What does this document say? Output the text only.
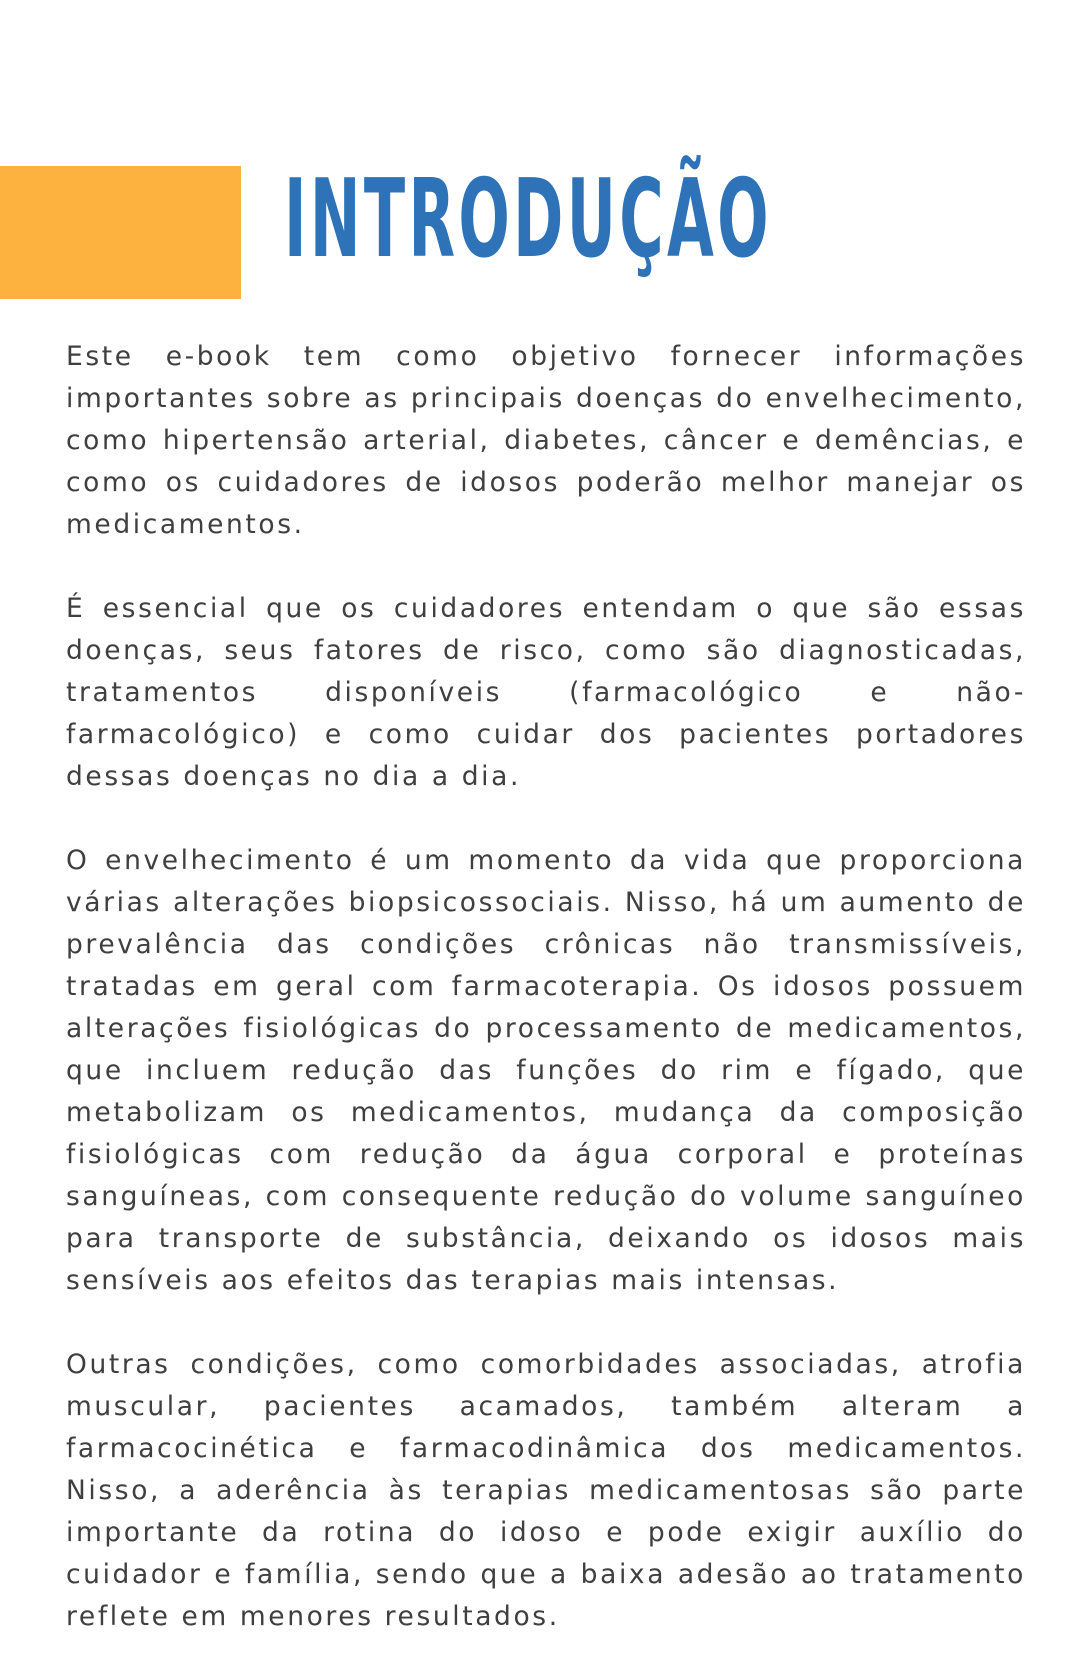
INTRODUÇÃO

Este e-book tem como objetivo fornecer informações importantes sobre as principais doenças do envelhecimento, como hipertensão arterial, diabetes, câncer e demências, e como os cuidadores de idosos poderão melhor manejar os medicamentos.

É essencial que os cuidadores entendam o que são essas doenças, seus fatores de risco, como são diagnosticadas, tratamentos disponíveis (farmacológico e não-farmacológico) e como cuidar dos pacientes portadores dessas doenças no dia a dia.

O envelhecimento é um momento da vida que proporciona várias alterações biopsicossociais. Nisso, há um aumento de prevalência das condições crônicas não transmissíveis, tratadas em geral com farmacoterapia. Os idosos possuem alterações fisiológicas do processamento de medicamentos, que incluem redução das funções do rim e fígado, que metabolizam os medicamentos, mudança da composição fisiológicas com redução da água corporal e proteínas sanguíneas, com consequente redução do volume sanguíneo para transporte de substância, deixando os idosos mais sensíveis aos efeitos das terapias mais intensas.

Outras condições, como comorbidades associadas, atrofia muscular, pacientes acamados, também alteram a farmacocinética e farmacodinâmica dos medicamentos. Nisso, a aderência às terapias medicamentosas são parte importante da rotina do idoso e pode exigir auxílio do cuidador e família, sendo que a baixa adesão ao tratamento reflete em menores resultados.
